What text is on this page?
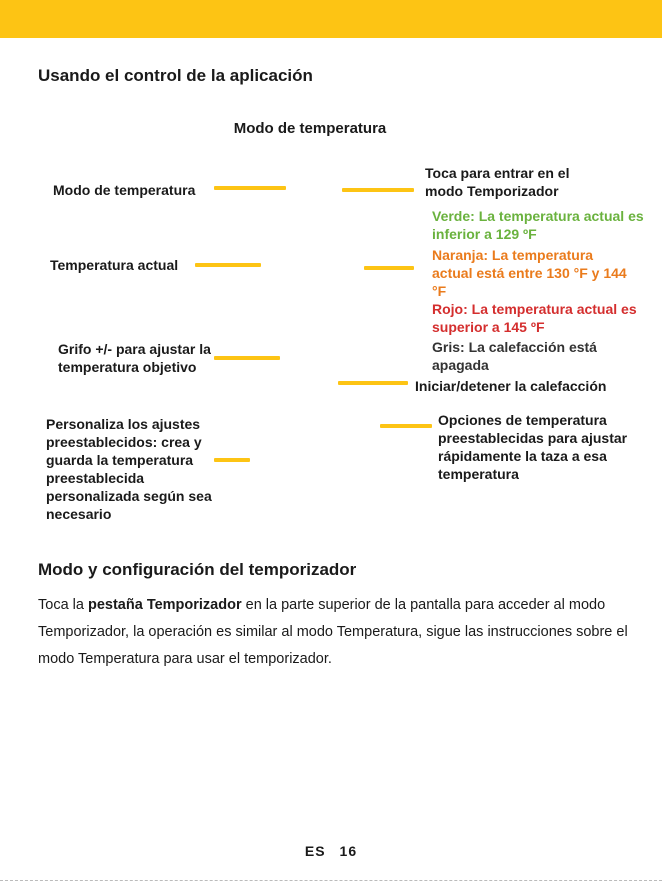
Usando el control de la aplicación
Modo de temperatura
Modo de temperatura
Temperatura actual
Grifo +/- para ajustar la temperatura objetivo
Personaliza los ajustes preestablecidos: crea y guarda la temperatura preestablecida personalizada según sea necesario
Toca para entrar en el modo Temporizador
Verde: La temperatura actual es inferior a 129 ºF
Naranja: La temperatura actual está entre 130 °F y 144 °F
Rojo: La temperatura actual es superior a 145 ºF
Gris: La calefacción está apagada
Iniciar/detener la calefacción
Opciones de temperatura preestablecidas para ajustar rápidamente la taza a esa temperatura
Modo y configuración del temporizador

Toca la pestaña Temporizador en la parte superior de la pantalla para acceder al modo Temporizador, la operación es similar al modo Temperatura, sigue las instrucciones sobre el modo Temperatura para usar el temporizador.

ES 16
